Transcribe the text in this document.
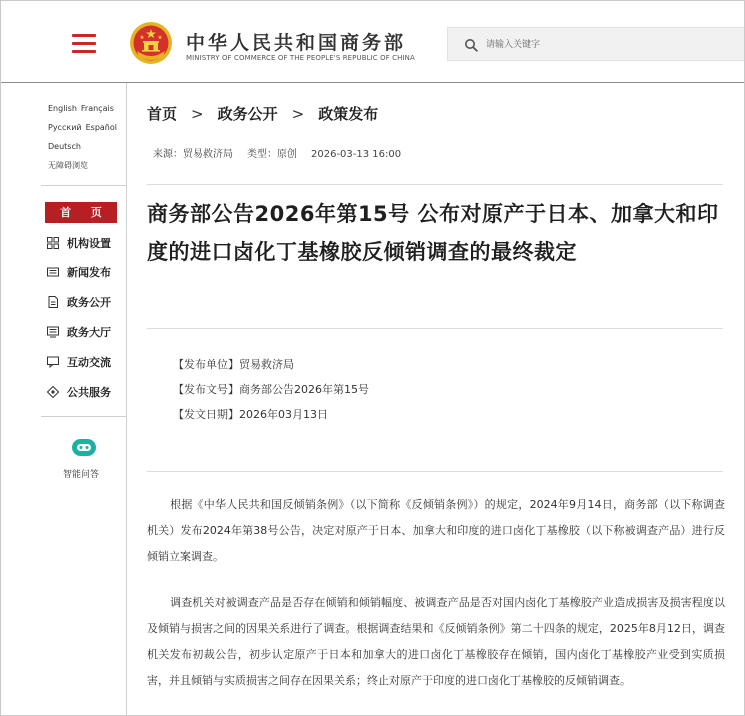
中华人民共和国商务部
MINISTRY OF COMMERCE OF THE PEOPLE'S REPUBLIC OF CHINA
请输入关键字
English Français
Русский Español
Deutsch
无障碍浏览
首 页
机构设置
新闻发布
政务公开
政务大厅
互动交流
公共服务
智能问答
首页 > 政务公开 > 政策发布
来源：贸易救济局 类型：原创 2026-03-13 16:00
商务部公告2026年第15号 公布对原产于日本、加拿大和印度的进口卤化丁基橡胶反倾销调查的最终裁定
【发布单位】贸易救济局
【发布文号】商务部公告2026年第15号
【发文日期】2026年03月13日

根据《中华人民共和国反倾销条例》（以下简称《反倾销条例》）的规定，2024年9月14日，商务部（以下称调查机关）发布2024年第38号公告，决定对原产于日本、加拿大和印度的进口卤化丁基橡胶（以下称被调查产品）进行反倾销立案调查。

调查机关对被调查产品是否存在倾销和倾销幅度、被调查产品是否对国内卤化丁基橡胶产业造成损害及损害程度以及倾销与损害之间的因果关系进行了调查。根据调查结果和《反倾销条例》第二十四条的规定，2025年8月12日，调查机关发布初裁公告，初步认定原产于日本和加拿大的进口卤化丁基橡胶存在倾销，国内卤化丁基橡胶产业受到实质损害，并且倾销与实质损害之间存在因果关系；终止对原产于印度的进口卤化丁基橡胶的反倾销调查。
